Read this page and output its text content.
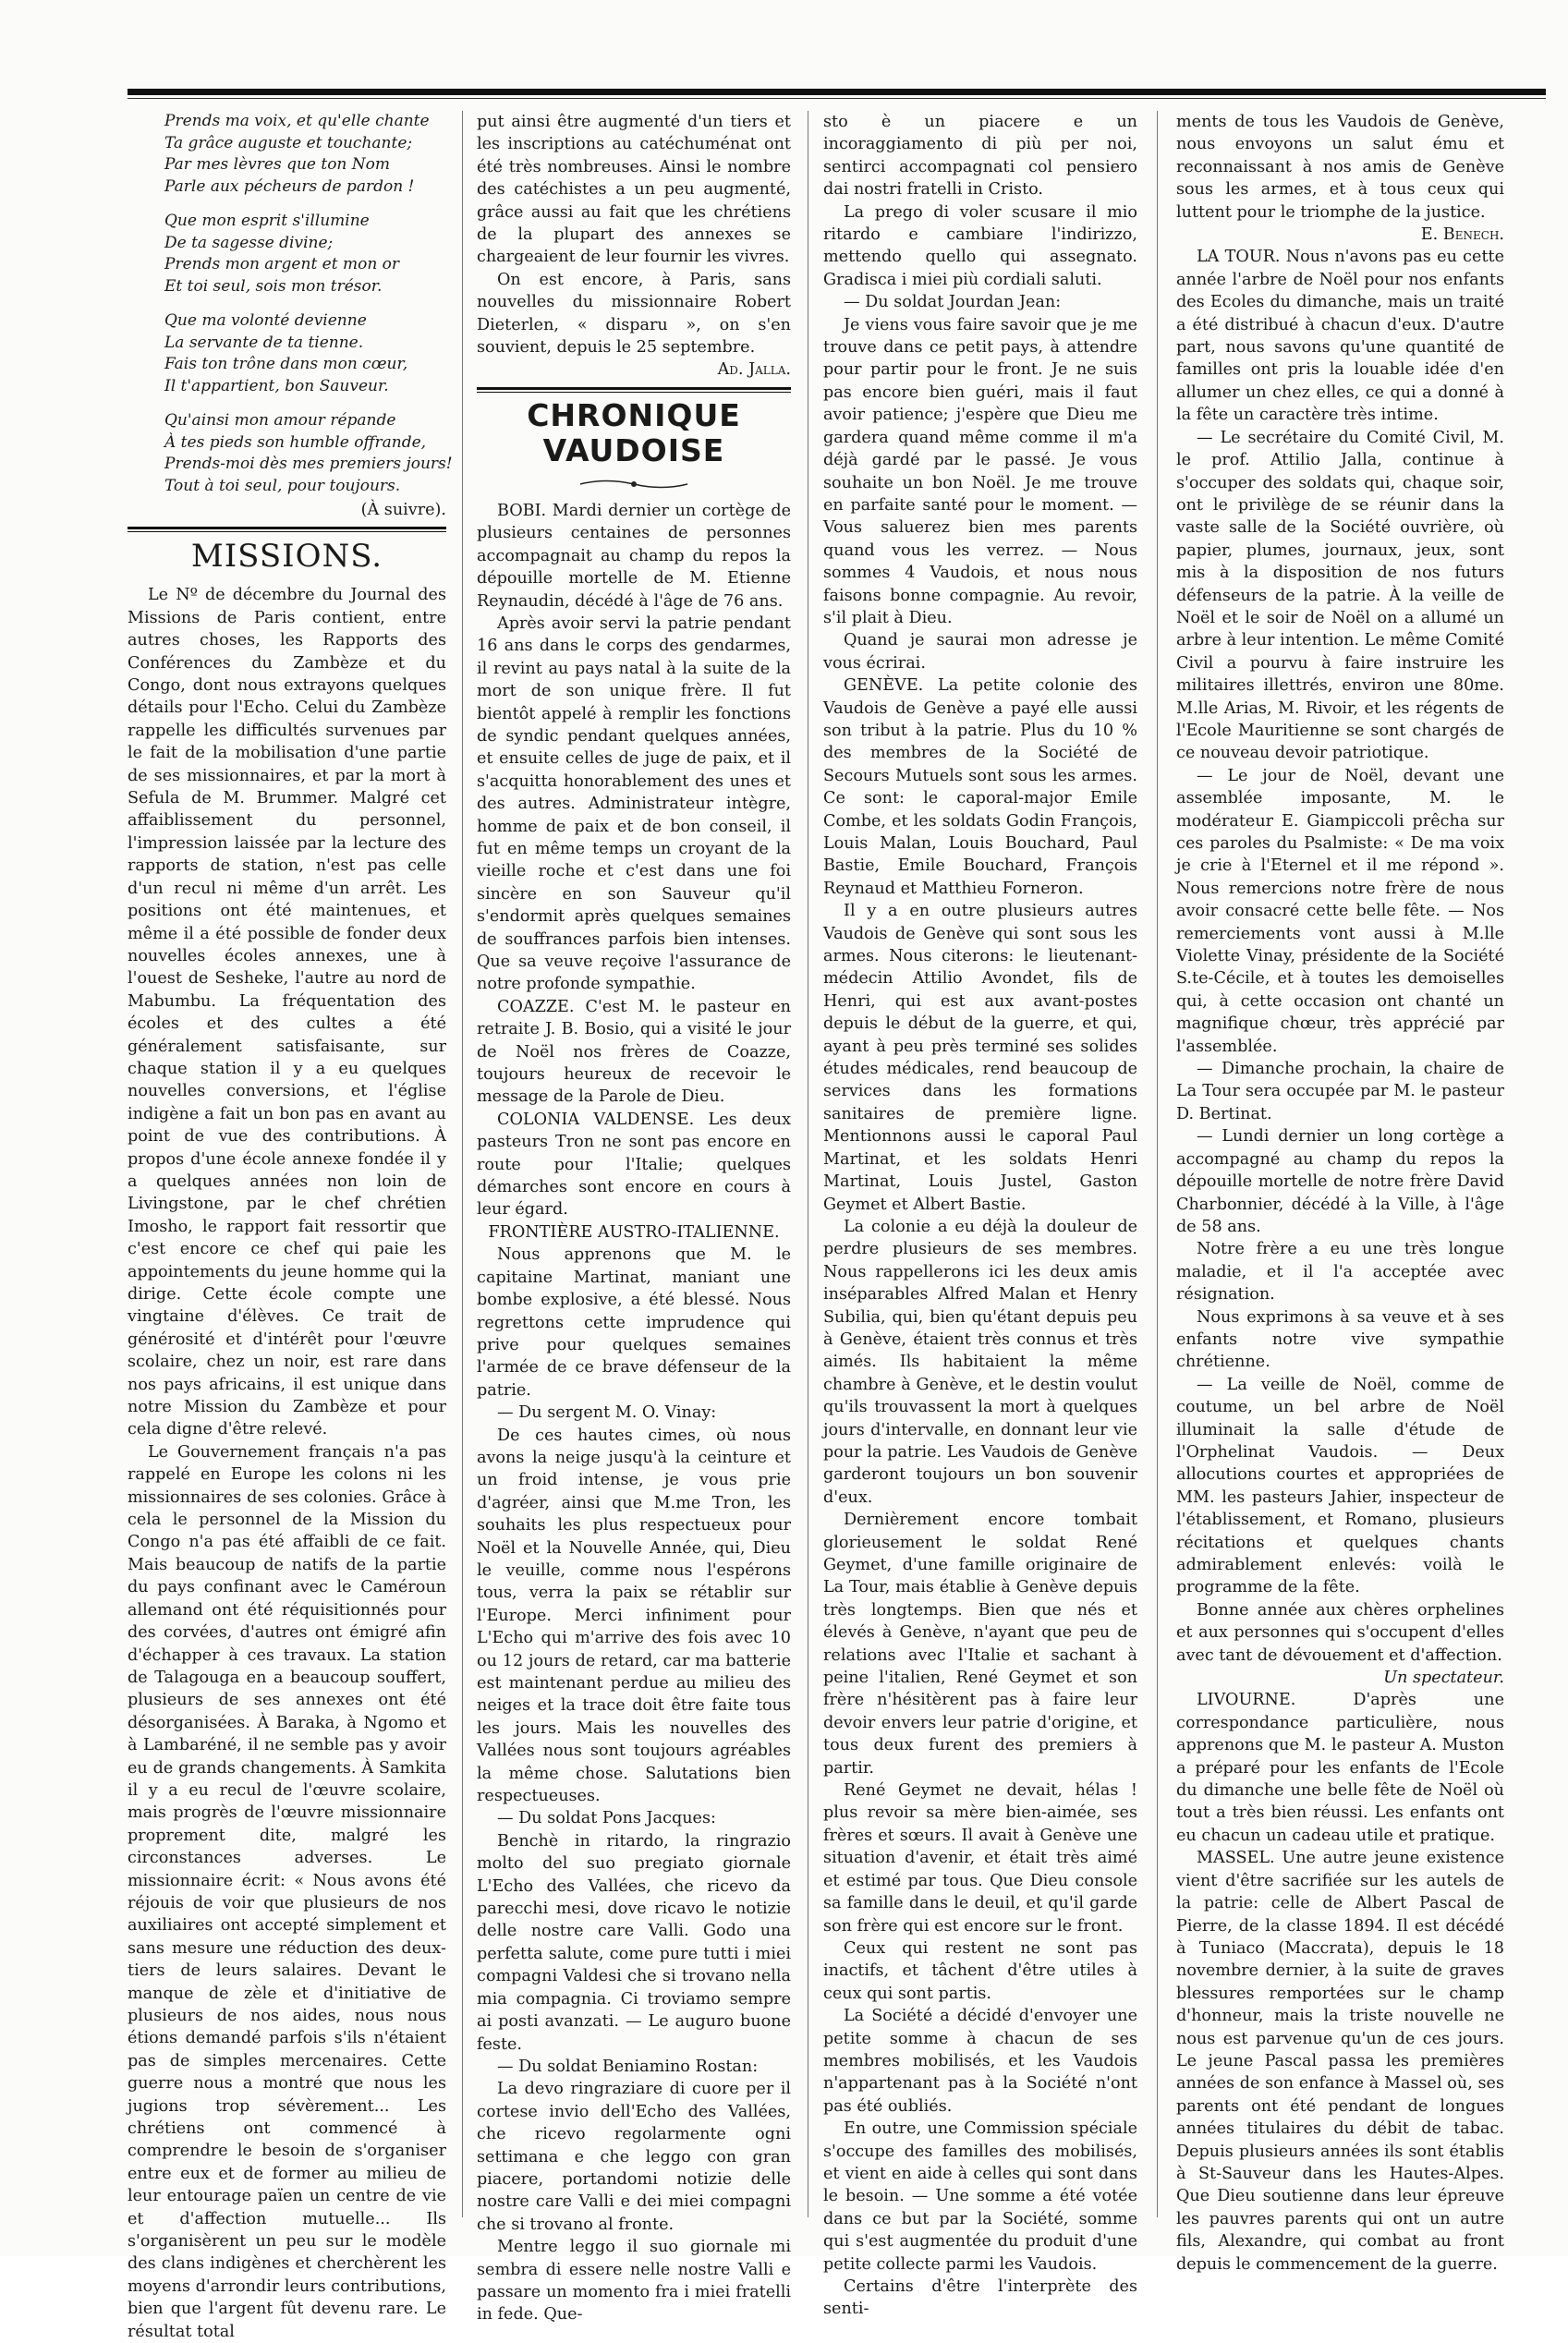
Prends ma voix, et qu'elle chante
Ta grâce auguste et touchante;
Par mes lèvres que ton Nom
Parle aux pécheurs de pardon !
Que mon esprit s'illumine
De ta sagesse divine;
Prends mon argent et mon or
Et toi seul, sois mon trésor.
Que ma volonté devienne
La servante de ta tienne.
Fais ton trône dans mon cœur,
Il t'appartient, bon Sauveur.
Qu'ainsi mon amour répande
À tes pieds son humble offrande,
Prends-moi dès mes premiers jours!
Tout à toi seul, pour toujours.
(À suivre).
MISSIONS.

Le Nº de décembre du Journal des Missions de Paris contient, entre autres choses, les Rapports des Conférences du Zambèze et du Congo, dont nous extrayons quelques détails pour l'Echo. Celui du Zambèze rappelle les difficultés survenues par le fait de la mobilisation d'une partie de ses missionnaires, et par la mort à Sefula de M. Brummer. Malgré cet affaiblissement du personnel, l'impression laissée par la lecture des rapports de station, n'est pas celle d'un recul ni même d'un arrêt. Les positions ont été maintenues, et même il a été possible de fonder deux nouvelles écoles annexes, une à l'ouest de Sesheke, l'autre au nord de Mabumbu. La fréquentation des écoles et des cultes a été généralement satisfaisante, sur chaque station il y a eu quelques nouvelles conversions, et l'église indigène a fait un bon pas en avant au point de vue des contributions. À propos d'une école annexe fondée il y a quelques années non loin de Livingstone, par le chef chrétien Imosho, le rapport fait ressortir que c'est encore ce chef qui paie les appointements du jeune homme qui la dirige. Cette école compte une vingtaine d'élèves. Ce trait de générosité et d'intérêt pour l'œuvre scolaire, chez un noir, est rare dans nos pays africains, il est unique dans notre Mission du Zambèze et pour cela digne d'être relevé.

Le Gouvernement français n'a pas rappelé en Europe les colons ni les missionnaires de ses colonies. Grâce à cela le personnel de la Mission du Congo n'a pas été affaibli de ce fait. Mais beaucoup de natifs de la partie du pays confinant avec le Caméroun allemand ont été réquisitionnés pour des corvées, d'autres ont émigré afin d'échapper à ces travaux. La station de Talagouga en a beaucoup souffert, plusieurs de ses annexes ont été désorganisées. À Baraka, à Ngomo et à Lambaréné, il ne semble pas y avoir eu de grands changements. À Samkita il y a eu recul de l'œuvre scolaire, mais progrès de l'œuvre missionnaire proprement dite, malgré les circonstances adverses. Le missionnaire écrit: « Nous avons été réjouis de voir que plusieurs de nos auxiliaires ont accepté simplement et sans mesure une réduction des deux-tiers de leurs salaires. Devant le manque de zèle et d'initiative de plusieurs de nos aides, nous nous étions demandé parfois s'ils n'étaient pas de simples mercenaires. Cette guerre nous a montré que nous les jugions trop sévèrement... Les chrétiens ont commencé à comprendre le besoin de s'organiser entre eux et de former au milieu de leur entourage païen un centre de vie et d'affection mutuelle... Ils s'organisèrent un peu sur le modèle des clans indigènes et cherchèrent les moyens d'arrondir leurs contributions, bien que l'argent fût devenu rare. Le résultat total

put ainsi être augmenté d'un tiers et les inscriptions au catéchuménat ont été très nombreuses. Ainsi le nombre des catéchistes a un peu augmenté, grâce aussi au fait que les chrétiens de la plupart des annexes se chargeaient de leur fournir les vivres.

On est encore, à Paris, sans nouvelles du missionnaire Robert Dieterlen, « disparu », on s'en souvient, depuis le 25 septembre.

Ad. Jalla.
CHRONIQUE VAUDOISE

BOBI. Mardi dernier un cortège de plusieurs centaines de personnes accompagnait au champ du repos la dépouille mortelle de M. Etienne Reynaudin, décédé à l'âge de 76 ans.

Après avoir servi la patrie pendant 16 ans dans le corps des gendarmes, il revint au pays natal à la suite de la mort de son unique frère. Il fut bientôt appelé à remplir les fonctions de syndic pendant quelques années, et ensuite celles de juge de paix, et il s'acquitta honorablement des unes et des autres. Administrateur intègre, homme de paix et de bon conseil, il fut en même temps un croyant de la vieille roche et c'est dans une foi sincère en son Sauveur qu'il s'endormit après quelques semaines de souffrances parfois bien intenses. Que sa veuve reçoive l'assurance de notre profonde sympathie.

COAZZE. C'est M. le pasteur en retraite J. B. Bosio, qui a visité le jour de Noël nos frères de Coazze, toujours heureux de recevoir le message de la Parole de Dieu.

COLONIA VALDENSE. Les deux pasteurs Tron ne sont pas encore en route pour l'Italie; quelques démarches sont encore en cours à leur égard.

FRONTIÈRE AUSTRO-ITALIENNE.

Nous apprenons que M. le capitaine Martinat, maniant une bombe explosive, a été blessé. Nous regrettons cette imprudence qui prive pour quelques semaines l'armée de ce brave défenseur de la patrie.

— Du sergent M. O. Vinay:

De ces hautes cimes, où nous avons la neige jusqu'à la ceinture et un froid intense, je vous prie d'agréer, ainsi que M.me Tron, les souhaits les plus respectueux pour Noël et la Nouvelle Année, qui, Dieu le veuille, comme nous l'espérons tous, verra la paix se rétablir sur l'Europe. Merci infiniment pour L'Echo qui m'arrive des fois avec 10 ou 12 jours de retard, car ma batterie est maintenant perdue au milieu des neiges et la trace doit être faite tous les jours. Mais les nouvelles des Vallées nous sont toujours agréables la même chose. Salutations bien respectueuses.

— Du soldat Pons Jacques:

Benchè in ritardo, la ringrazio molto del suo pregiato giornale L'Echo des Vallées, che ricevo da parecchi mesi, dove ricavo le notizie delle nostre care Valli. Godo una perfetta salute, come pure tutti i miei compagni Valdesi che si trovano nella mia compagnia. Ci troviamo sempre ai posti avanzati. — Le auguro buone feste.

— Du soldat Beniamino Rostan:

La devo ringraziare di cuore per il cortese invio dell'Echo des Vallées, che ricevo regolarmente ogni settimana e che leggo con gran piacere, portandomi notizie delle nostre care Valli e dei miei compagni che si trovano al fronte.

Mentre leggo il suo giornale mi sembra di essere nelle nostre Valli e passare un momento fra i miei fratelli in fede. Que-

sto è un piacere e un incoraggiamento di più per noi, sentirci accompagnati col pensiero dai nostri fratelli in Cristo.

La prego di voler scusare il mio ritardo e cambiare l'indirizzo, mettendo quello qui assegnato. Gradisca i miei più cordiali saluti.

— Du soldat Jourdan Jean:

Je viens vous faire savoir que je me trouve dans ce petit pays, à attendre pour partir pour le front. Je ne suis pas encore bien guéri, mais il faut avoir patience; j'espère que Dieu me gardera quand même comme il m'a déjà gardé par le passé. Je vous souhaite un bon Noël. Je me trouve en parfaite santé pour le moment. — Vous saluerez bien mes parents quand vous les verrez. — Nous sommes 4 Vaudois, et nous nous faisons bonne compagnie. Au revoir, s'il plait à Dieu.

Quand je saurai mon adresse je vous écrirai.

GENÈVE. La petite colonie des Vaudois de Genève a payé elle aussi son tribut à la patrie. Plus du 10 % des membres de la Société de Secours Mutuels sont sous les armes. Ce sont: le caporal-major Emile Combe, et les soldats Godin François, Louis Malan, Louis Bouchard, Paul Bastie, Emile Bouchard, François Reynaud et Matthieu Forneron.

Il y a en outre plusieurs autres Vaudois de Genève qui sont sous les armes. Nous citerons: le lieutenant-médecin Attilio Avondet, fils de Henri, qui est aux avant-postes depuis le début de la guerre, et qui, ayant à peu près terminé ses solides études médicales, rend beaucoup de services dans les formations sanitaires de première ligne. Mentionnons aussi le caporal Paul Martinat, et les soldats Henri Martinat, Louis Justel, Gaston Geymet et Albert Bastie.

La colonie a eu déjà la douleur de perdre plusieurs de ses membres. Nous rappellerons ici les deux amis inséparables Alfred Malan et Henry Subilia, qui, bien qu'étant depuis peu à Genève, étaient très connus et très aimés. Ils habitaient la même chambre à Genève, et le destin voulut qu'ils trouvassent la mort à quelques jours d'intervalle, en donnant leur vie pour la patrie. Les Vaudois de Genève garderont toujours un bon souvenir d'eux.

Dernièrement encore tombait glorieusement le soldat René Geymet, d'une famille originaire de La Tour, mais établie à Genève depuis très longtemps. Bien que nés et élevés à Genève, n'ayant que peu de relations avec l'Italie et sachant à peine l'italien, René Geymet et son frère n'hésitèrent pas à faire leur devoir envers leur patrie d'origine, et tous deux furent des premiers à partir.

René Geymet ne devait, hélas ! plus revoir sa mère bien-aimée, ses frères et sœurs. Il avait à Genève une situation d'avenir, et était très aimé et estimé par tous. Que Dieu console sa famille dans le deuil, et qu'il garde son frère qui est encore sur le front.

Ceux qui restent ne sont pas inactifs, et tâchent d'être utiles à ceux qui sont partis.

La Société a décidé d'envoyer une petite somme à chacun de ses membres mobilisés, et les Vaudois n'appartenant pas à la Société n'ont pas été oubliés.

En outre, une Commission spéciale s'occupe des familles des mobilisés, et vient en aide à celles qui sont dans le besoin. — Une somme a été votée dans ce but par la Société, somme qui s'est augmentée du produit d'une petite collecte parmi les Vaudois.

Certains d'être l'interprète des senti-

ments de tous les Vaudois de Genève, nous envoyons un salut ému et reconnaissant à nos amis de Genève sous les armes, et à tous ceux qui luttent pour le triomphe de la justice.

E. Benech.

LA TOUR. Nous n'avons pas eu cette année l'arbre de Noël pour nos enfants des Ecoles du dimanche, mais un traité a été distribué à chacun d'eux. D'autre part, nous savons qu'une quantité de familles ont pris la louable idée d'en allumer un chez elles, ce qui a donné à la fête un caractère très intime.

— Le secrétaire du Comité Civil, M. le prof. Attilio Jalla, continue à s'occuper des soldats qui, chaque soir, ont le privilège de se réunir dans la vaste salle de la Société ouvrière, où papier, plumes, journaux, jeux, sont mis à la disposition de nos futurs défenseurs de la patrie. À la veille de Noël et le soir de Noël on a allumé un arbre à leur intention. Le même Comité Civil a pourvu à faire instruire les militaires illettrés, environ une 80me. M.lle Arias, M. Rivoir, et les régents de l'Ecole Mauritienne se sont chargés de ce nouveau devoir patriotique.

— Le jour de Noël, devant une assemblée imposante, M. le modérateur E. Giampiccoli prêcha sur ces paroles du Psalmiste: « De ma voix je crie à l'Eternel et il me répond ». Nous remercions notre frère de nous avoir consacré cette belle fête. — Nos remerciements vont aussi à M.lle Violette Vinay, présidente de la Société S.te-Cécile, et à toutes les demoiselles qui, à cette occasion ont chanté un magnifique chœur, très apprécié par l'assemblée.

— Dimanche prochain, la chaire de La Tour sera occupée par M. le pasteur D. Bertinat.

— Lundi dernier un long cortège a accompagné au champ du repos la dépouille mortelle de notre frère David Charbonnier, décédé à la Ville, à l'âge de 58 ans.

Notre frère a eu une très longue maladie, et il l'a acceptée avec résignation.

Nous exprimons à sa veuve et à ses enfants notre vive sympathie chrétienne.

— La veille de Noël, comme de coutume, un bel arbre de Noël illuminait la salle d'étude de l'Orphelinat Vaudois. — Deux allocutions courtes et appropriées de MM. les pasteurs Jahier, inspecteur de l'établissement, et Romano, plusieurs récitations et quelques chants admirablement enlevés: voilà le programme de la fête.

Bonne année aux chères orphelines et aux personnes qui s'occupent d'elles avec tant de dévouement et d'affection.

Un spectateur.

LIVOURNE. D'après une correspondance particulière, nous apprenons que M. le pasteur A. Muston a préparé pour les enfants de l'Ecole du dimanche une belle fête de Noël où tout a très bien réussi. Les enfants ont eu chacun un cadeau utile et pratique.

MASSEL. Une autre jeune existence vient d'être sacrifiée sur les autels de la patrie: celle de Albert Pascal de Pierre, de la classe 1894. Il est décédé à Tuniaco (Maccrata), depuis le 18 novembre dernier, à la suite de graves blessures remportées sur le champ d'honneur, mais la triste nouvelle ne nous est parvenue qu'un de ces jours. Le jeune Pascal passa les premières années de son enfance à Massel où, ses parents ont été pendant de longues années titulaires du débit de tabac. Depuis plusieurs années ils sont établis à St-Sauveur dans les Hautes-Alpes. Que Dieu soutienne dans leur épreuve les pauvres parents qui ont un autre fils, Alexandre, qui combat au front depuis le commencement de la guerre.
